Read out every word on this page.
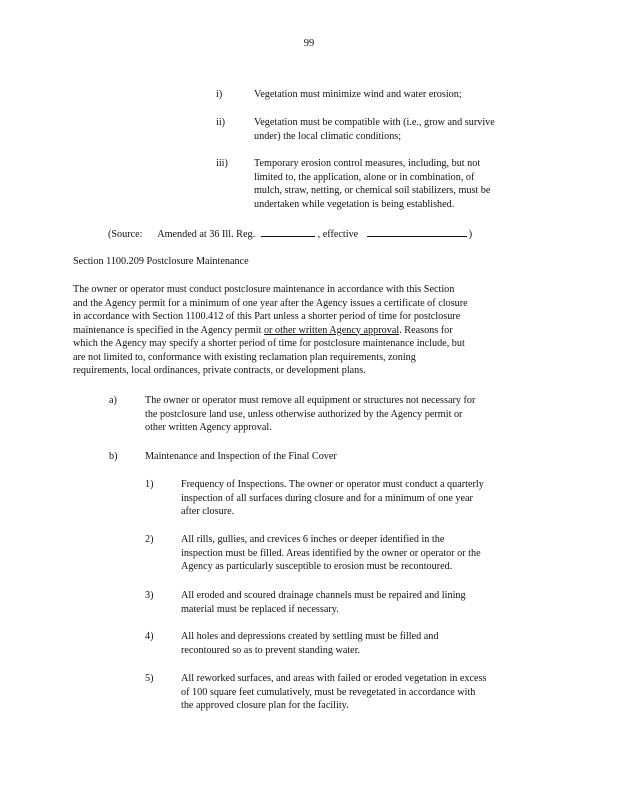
99
i)	Vegetation must minimize wind and water erosion;
ii)	Vegetation must be compatible with (i.e., grow and survive
under) the local climatic conditions;
iii)	Temporary erosion control measures, including, but not
limited to, the application, alone or in combination, of
mulch, straw, netting, or chemical soil stabilizers, must be
undertaken while vegetation is being established.
(Source: Amended at 36 Ill. Reg.	, effective	)
Section 1100.209 Postclosure Maintenance
The owner or operator must conduct postclosure maintenance in accordance with this Section
and the Agency permit for a minimum of one year after the Agency issues a certificate of closure
in accordance with Section 1100.412 of this Part unless a shorter period of time for postclosure
maintenance is specified in the Agency permit or other written Agency approval. Reasons for
which the Agency may specify a shorter period of time for postclosure maintenance include, but
are not limited to, conformance with existing reclamation plan requirements, zoning
requirements, local ordinances, private contracts, or development plans.
a)	The owner or operator must remove all equipment or structures not necessary for
the postclosure land use, unless otherwise authorized by the Agency permit or
other written Agency approval.
b)	Maintenance and Inspection of the Final Cover
1)	Frequency of Inspections. The owner or operator must conduct a quarterly
inspection of all surfaces during closure and for a minimum of one year
after closure.
2)	All rills, gullies, and crevices 6 inches or deeper identified in the
inspection must be filled. Areas identified by the owner or operator or the
Agency as particularly susceptible to erosion must be recontoured.
3)	All eroded and scoured drainage channels must be repaired and lining
material must be replaced if necessary.
4)	All holes and depressions created by settling must be filled and
recontoured so as to prevent standing water.
5)	All reworked surfaces, and areas with failed or eroded vegetation in excess
of 100 square feet cumulatively, must be revegetated in accordance with
the approved closure plan for the facility.
